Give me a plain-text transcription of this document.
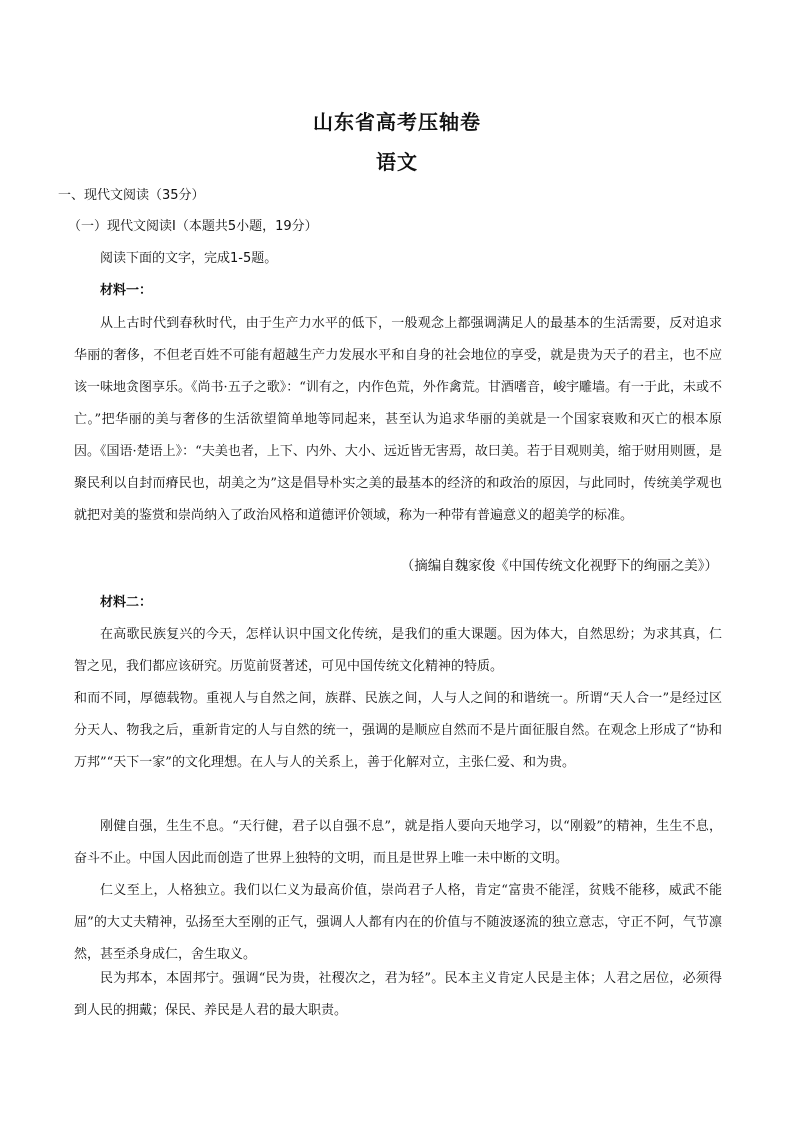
山东省高考压轴卷
语文
一、现代文阅读（35分）
（一）现代文阅读Ⅰ（本题共5小题，19分）
阅读下面的文字，完成1-5题。
材料一：
从上古时代到春秋时代，由于生产力水平的低下，一般观念上都强调满足人的最基本的生活需要，反对追求华丽的奢侈，不但老百姓不可能有超越生产力发展水平和自身的社会地位的享受，就是贵为天子的君主，也不应该一味地贪图享乐。《尚书·五子之歌》：“训有之，内作色荒，外作禽荒。甘酒嗜音，峻宇雕墙。有一于此，未或不亡。”把华丽的美与奢侈的生活欲望简单地等同起来，甚至认为追求华丽的美就是一个国家衰败和灭亡的根本原因。《国语·楚语上》：“夫美也者，上下、内外、大小、远近皆无害焉，故曰美。若于目观则美，缩于财用则匮，是聚民利以自封而瘠民也，胡美之为”这是倡导朴实之美的最基本的经济的和政治的原因，与此同时，传统美学观也就把对美的鉴赏和崇尚纳入了政治风格和道德评价领域，称为一种带有普遍意义的超美学的标准。
（摘编自魏家俊《中国传统文化视野下的绚丽之美》）
材料二：
在高歌民族复兴的今天，怎样认识中国文化传统，是我们的重大课题。因为体大，自然思纷；为求其真，仁智之见，我们都应该研究。历览前贤著述，可见中国传统文化精神的特质。
和而不同，厚德载物。重视人与自然之间，族群、民族之间，人与人之间的和谐统一。所谓“天人合一”是经过区分天人、物我之后，重新肯定的人与自然的统一，强调的是顺应自然而不是片面征服自然。在观念上形成了“协和万邦”“天下一家”的文化理想。在人与人的关系上，善于化解对立，主张仁爱、和为贵。
刚健自强，生生不息。“天行健，君子以自强不息”，就是指人要向天地学习，以“刚毅”的精神，生生不息，奋斗不止。中国人因此而创造了世界上独特的文明，而且是世界上唯一未中断的文明。
仁义至上，人格独立。我们以仁义为最高价值，崇尚君子人格，肯定“富贵不能淫，贫贱不能移，威武不能屈”的大丈夫精神，弘扬至大至刚的正气，强调人人都有内在的价值与不随波逐流的独立意志，守正不阿，气节凛然，甚至杀身成仁，舍生取义。
民为邦本，本固邦宁。强调“民为贵，社稷次之，君为轻”。民本主义肯定人民是主体；人君之居位，必须得到人民的拥戴；保民、养民是人君的最大职责。
